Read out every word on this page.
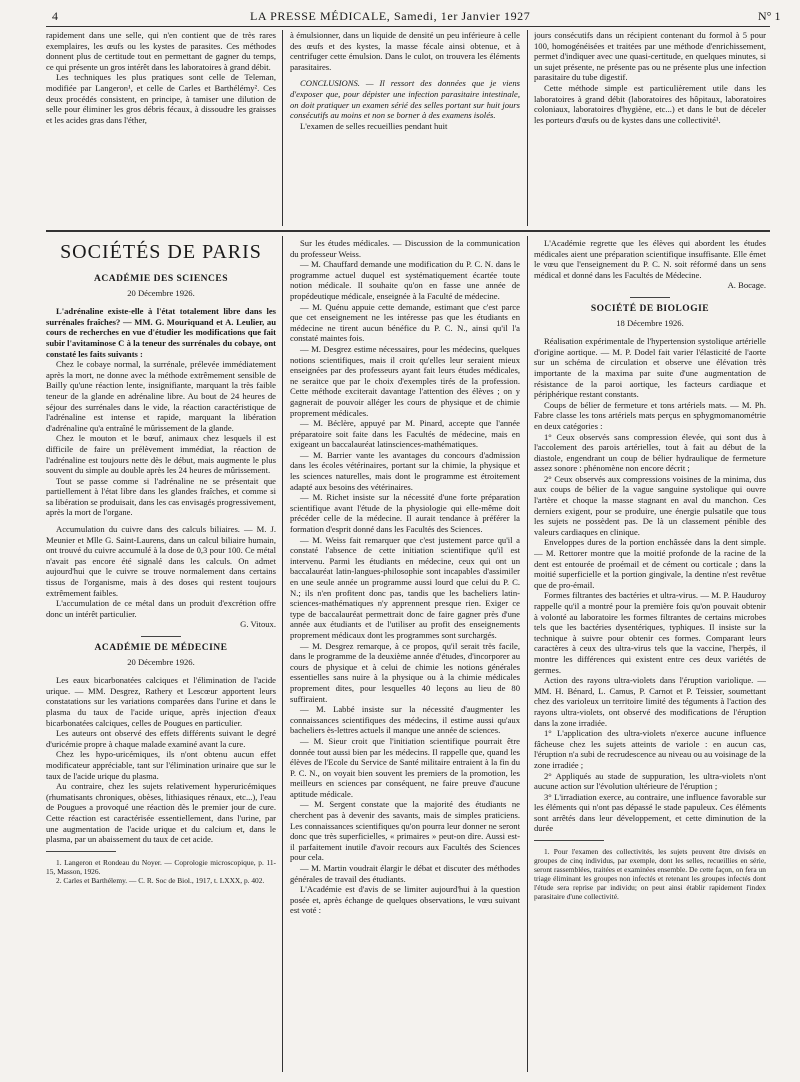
4	LA PRESSE MÉDICALE, Samedi, 1er Janvier 1927	N° 1

rapidement dans une selle, qui n'en contient que de très rares exemplaires, les œufs ou les kystes de parasites. Ces méthodes donnent plus de certitude tout en permettant de gagner du temps, ce qui présente un gros intérêt dans les laboratoires à grand débit.

Les techniques les plus pratiques sont celle de Teleman, modifiée par Langeron¹, et celle de Carles et Barthélémy². Ces deux procédés consistent, en principe, à tamiser une dilution de selle pour éliminer les gros débris fécaux, à dissoudre les graisses et les acides gras dans l'éther,

à émulsionner, dans un liquide de densité un peu inférieure à celle des œufs et des kystes, la masse fécale ainsi obtenue, et à centrifuger cette émulsion. Dans le culot, on trouvera les éléments parasitaires.

CONCLUSIONS. — Il ressort des données que je viens d'exposer que, pour dépister une infection parasitaire intestinale, on doit pratiquer un examen sérié des selles portant sur huit jours consécutifs au moins et non se borner à des examens isolés.

L'examen de selles recueillies pendant huit

jours consécutifs dans un récipient contenant du formol à 5 pour 100, homogénéisées et traitées par une méthode d'enrichissement, permet d'indiquer avec une quasi-certitude, en quelques minutes, si un sujet présente, ne présente pas ou ne présente plus une infection parasitaire du tube digestif.

Cette méthode simple est particulièrement utile dans les laboratoires à grand débit (laboratoires des hôpitaux, laboratoires coloniaux, laboratoires d'hygiène, etc...) et dans le but de déceler les porteurs d'œufs ou de kystes dans une collectivité¹.

SOCIÉTÉS DE PARIS
ACADÉMIE DES SCIENCES
20 Décembre 1926.

L'adrénaline existe-elle à l'état totalement libre dans les surrénales fraîches? — MM. G. Mouriquand et A. Leulier, au cours de recherches en vue d'étudier les modifications que fait subir l'avitaminose C à la teneur des surrénales du cobaye, ont constaté les faits suivants :

Chez le cobaye normal, la surrénale, prélevée immédiatement après la mort, ne donne avec la méthode extrêmement sensible de Bailly qu'une réaction lente, insignifiante, marquant la très faible teneur de la glande en adrénaline libre. Au bout de 24 heures de séjour des surrénales dans le vide, la réaction caractéristique de l'adrénaline est intense et rapide, marquant la libération d'adrénaline qu'a entraîné le mûrissement de la glande.

Chez le mouton et le bœuf, animaux chez lesquels il est difficile de faire un prélèvement immédiat, la réaction de l'adrénaline est toujours nette dès le début, mais augmente le plus souvent du simple au double après les 24 heures de mûrissement.

Tout se passe comme si l'adrénaline ne se présentait que partiellement à l'état libre dans les glandes fraîches, et comme si sa libération se produisait, dans les cas envisagés progressivement, après la mort de l'organe.

Accumulation du cuivre dans des calculs biliaires. — M. J. Meunier et Mlle G. Saint-Laurens, dans un calcul biliaire humain, ont trouvé du cuivre accumulé à la dose de 0,3 pour 100. Ce métal n'avait pas encore été signalé dans les calculs. On admet aujourd'hui que le cuivre se trouve normalement dans certains tissus de l'organisme, mais à des doses qui restent toujours extrêmement faibles.

L'accumulation de ce métal dans un produit d'excrétion offre donc un intérêt particulier.

G. Vitoux.

ACADÉMIE DE MÉDECINE
20 Décembre 1926.

Les eaux bicarbonatées calciques et l'élimination de l'acide urique. — MM. Desgrez, Rathery et Lescœur apportent leurs constatations sur les variations comparées dans l'urine et dans le plasma du taux de l'acide urique, après injection d'eaux bicarbonatées calciques, celles de Pougues en particulier.

Les auteurs ont observé des effets différents suivant le degré d'uricémie propre à chaque malade examiné avant la cure.

Chez les hypo-uricémiques, ils n'ont obtenu aucun effet modificateur appréciable, tant sur l'élimination urinaire que sur le taux de l'acide urique du plasma.

Au contraire, chez les sujets relativement hyperuricémiques (rhumatisants chroniques, obèses, lithiasiques rénaux, etc...), l'eau de Pougues a provoqué une réaction dès le premier jour de cure. Cette réaction est caractérisée essentiellement, dans l'urine, par une augmentation de l'acide urique et du calcium et, dans le plasma, par un abaissement du taux de cet acide.

1. Langeron et Rondeau du Noyer. — Coprologie microscopique, p. 11-15, Masson, 1926.

2. Carles et Barthélemy. — C. R. Soc de Biol., 1917, t. LXXX, p. 402.

Sur les études médicales. — Discussion de la communication du professeur Weiss.

— M. Chauffard demande une modification du P. C. N. dans le programme actuel duquel est systématiquement écartée toute notion médicale. Il souhaite qu'on en fasse une année de propédeutique médicale, enseignée à la Faculté de médecine.

— M. Quénu appuie cette demande, estimant que c'est parce que cet enseignement ne les intéresse pas que les étudiants en médecine ne tirent aucun bénéfice du P. C. N., ainsi qu'il l'a constaté maintes fois.

— M. Desgrez estime nécessaires, pour les médecins, quelques notions scientifiques, mais il croit qu'elles leur seraient mieux enseignées par des professeurs ayant fait leurs études médicales, ne seraitce que par le choix d'exemples tirés de la profession. Cette méthode exciterait davantage l'attention des élèves ; on y gagnerait de pouvoir alléger les cours de physique et de chimie proprement médicales.

— M. Béclère, appuyé par M. Pinard, accepte que l'année préparatoire soit faite dans les Facultés de médecine, mais en exigeant un baccalauréat latinsciences-mathématiques.

— M. Barrier vante les avantages du concours d'admission dans les écoles vétérinaires, portant sur la chimie, la physique et les sciences naturelles, mais dont le programme est étroitement adapté aux besoins des vétérinaires.

— M. Richet insiste sur la nécessité d'une forte préparation scientifique avant l'étude de la physiologie qui elle-même doit précéder celle de la médecine. Il aurait tendance à préférer la formation d'esprit donné dans les Facultés des Sciences.

— M. Weiss fait remarquer que c'est justement parce qu'il a constaté l'absence de cette initiation scientifique qu'il est intervenu. Parmi les étudiants en médecine, ceux qui ont un baccalauréat latin-langues-philosophie sont incapables d'assimiler en une seule année un programme aussi lourd que celui du P. C. N.; ils n'en profitent donc pas, tandis que les bacheliers latin-sciences-mathématiques n'y apprennent presque rien. Exiger ce type de baccalauréat permettrait donc de faire gagner près d'une année aux étudiants et de l'utiliser au profit des enseignements proprement médicaux dont les programmes sont surchargés.

— M. Desgrez remarque, à ce propos, qu'il serait très facile, dans le programme de la deuxième année d'études, d'incorporer au cours de physique et à celui de chimie les notions générales essentielles sans nuire à la physique ou à la chimie médicales proprement dites, pour lesquelles 40 leçons au lieu de 80 suffiraient.

— M. Labbé insiste sur la nécessité d'augmenter les connaissances scientifiques des médecins, il estime aussi qu'aux bacheliers ès-lettres actuels il manque une année de sciences.

— M. Sieur croit que l'initiation scientifique pourrait être donnée tout aussi bien par les médecins. Il rappelle que, quand les élèves de l'Ecole du Service de Santé militaire entraient à la fin du P. C. N., on voyait bien souvent les premiers de la promotion, les meilleurs en sciences par conséquent, ne faire preuve d'aucune aptitude médicale.

— M. Sergent constate que la majorité des étudiants ne cherchent pas à devenir des savants, mais de simples praticiens. Les connaissances scientifiques qu'on pourra leur donner ne seront donc que très superficielles, « primaires » peut-on dire. Aussi est-il parfaitement inutile d'avoir recours aux Facultés des Sciences pour cela.

— M. Martin voudrait élargir le débat et discuter des méthodes générales de travail des étudiants.

L'Académie est d'avis de se limiter aujourd'hui à la question posée et, après échange de quelques observations, le vœu suivant est voté :

L'Académie regrette que les élèves qui abordent les études médicales aient une préparation scientifique insuffisante. Elle émet le vœu que l'enseignement du P. C. N. soit réformé dans un sens médical et donné dans les Facultés de Médecine.

A. Bocage.

SOCIÉTÉ DE BIOLOGIE
18 Décembre 1926.

Réalisation expérimentale de l'hypertension systolique artérielle d'origine aortique. — M. P. Dodel fait varier l'élasticité de l'aorte sur un schéma de circulation et observe une élévation très importante de la maxima par suite d'une augmentation de résistance de la paroi aortique, les facteurs cardiaque et périphérique restant constants.

Coups de bélier de fermeture et tons artériels mats. — M. Ph. Fabre classe les tons artériels mats perçus en sphygmomanométrie en deux catégories :

1° Ceux observés sans compression élevée, qui sont dus à l'accolement des parois artérielles, tout à fait au début de la diastole, engendrant un coup de bélier hydraulique de fermeture assez sonore : phénomène non encore décrit ;

2° Ceux observés aux compressions voisines de la minima, dus aux coups de bélier de la vague sanguine systolique qui ouvre l'artère et choque la masse stagnant en aval du manchon. Ces derniers exigent, pour se produire, une énergie pulsatile que tous les sujets ne possèdent pas. De là un classement pénible des valeurs cardiaques en clinique.

Enveloppes dures de la portion enchâssée dans la dent simple. — M. Rettorer montre que la moitié profonde de la racine de la dent est entourée de proémail et de cément ou corticale ; dans la moitié superficielle et la portion gingivale, la dentine n'est revêtue que de pro-émail.

Formes filtrantes des bactéries et ultra-virus. — M. P. Hauduroy rappelle qu'il a montré pour la première fois qu'on pouvait obtenir à volonté au laboratoire les formes filtrantes de certains microbes tels que les bactéries dysentériques, typhiques. Il insiste sur la technique à suivre pour obtenir ces formes. Comparant leurs caractères à ceux des ultra-virus tels que la vaccine, l'herpès, il montre les différences qui existent entre ces deux variétés de germes.

Action des rayons ultra-violets dans l'éruption variolique. — MM. H. Bénard, L. Camus, P. Carnot et P. Teissier, soumettant chez des varioleux un territoire limité des téguments à l'action des rayons ultra-violets, ont observé des modifications de l'éruption dans la zone irradiée.

1° L'application des ultra-violets n'exerce aucune influence fâcheuse chez les sujets atteints de variole : en aucun cas, l'éruption n'a subi de recrudescence au niveau ou au voisinage de la zone irradiée ;

2° Appliqués au stade de suppuration, les ultra-violets n'ont aucune action sur l'évolution ultérieure de l'éruption ;

3° L'irradiation exerce, au contraire, une influence favorable sur les éléments qui n'ont pas dépassé le stade papuleux. Ces éléments sont arrêtés dans leur développement, et cette diminution de la durée

1. Pour l'examen des collectivités, les sujets peuvent être divisés en groupes de cinq individus, par exemple, dont les selles, recueillies en série, seront rassemblées, traitées et examinées ensemble. De cette façon, on fera un triage éliminant les groupes non infectés et retenant les groupes infectés dont l'étude sera reprise par individu; on peut ainsi établir rapidement l'index parasitaire d'une collectivité.
